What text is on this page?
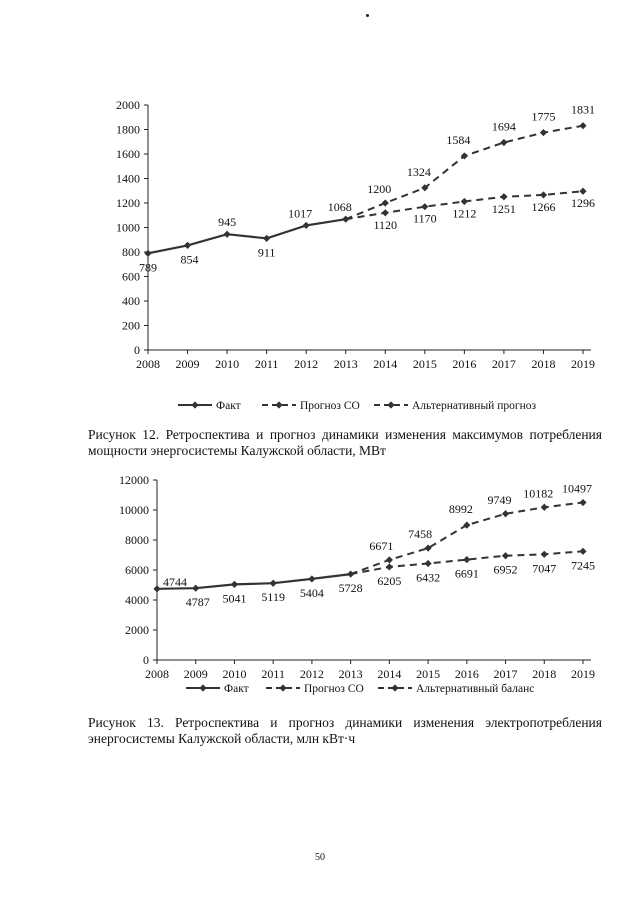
0
200
400
600
800
1000
1200
1400
1600
1800
2000
2008 2009 2010 2011 2012 2013 2014 2015 2016 2017 2018 2019
789
854
945
911
1017 1068
1200
1324
1584
1694
1775 1831
1120 1170 1212 1251 1266 1296
Факт	Прогноз СО	Альтернативный прогноз
Рисунок 12. Ретроспектива и прогноз динамики изменения максимумов потребления мощности энергосистемы Калужской области, МВт
0
2000
4000
6000
8000
10000
12000
2008 2009 2010 2011 2012 2013 2014 2015 2016 2017 2018 2019
4744
4787 5041 5119 5404 5728
6671
7458
8992
9749 10182 10497
6205 6432 6691 6952 7047 7245
Факт	Прогноз СО	Альтернативный баланс
Рисунок 13. Ретроспектива и прогноз динамики изменения электропотребления энергосистемы Калужской области, млн кВт·ч
50
